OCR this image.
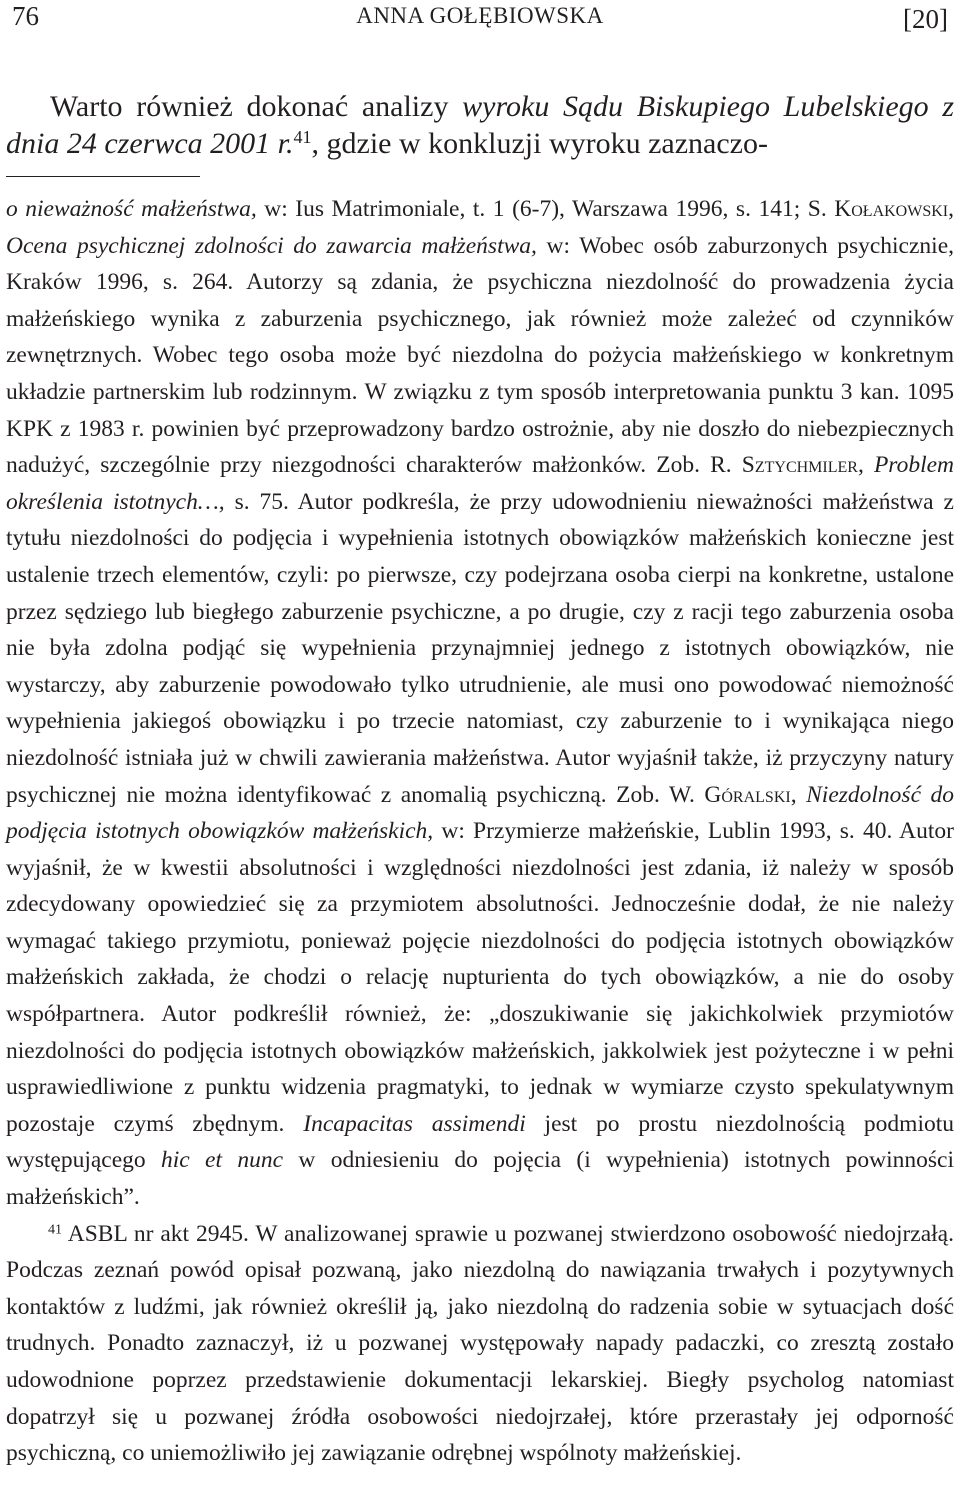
76	ANNA GOŁĘBIOWSKA	[20]
Warto również dokonać analizy wyroku Sądu Biskupiego Lubelskiego z dnia 24 czerwca 2001 r.$^{41}$, gdzie w konkluzji wyroku zaznaczo-

o nieważność małżeństwa, w: Ius Matrimoniale, t. 1 (6-7), Warszawa 1996, s. 141; S. Kołakowski, Ocena psychicznej zdolności do zawarcia małżeństwa, w: Wobec osób zaburzonych psychicznie, Kraków 1996, s. 264. Autorzy są zdania, że psychiczna niezdolność do prowadzenia życia małżeńskiego wynika z zaburzenia psychicznego, jak również może zależeć od czynników zewnętrznych. Wobec tego osoba może być niezdolna do pożycia małżeńskiego w konkretnym układzie partnerskim lub rodzinnym. W związku z tym sposób interpretowania punktu 3 kan. 1095 KPK z 1983 r. powinien być przeprowadzony bardzo ostrożnie, aby nie doszło do niebezpiecznych nadużyć, szczególnie przy niezgodności charakterów małżonków. Zob. R. Sztychmiler, Problem określenia istotnych…, s. 75. Autor podkreśla, że przy udowodnieniu nieważności małżeństwa z tytułu niezdolności do podjęcia i wypełnienia istotnych obowiązków małżeńskich konieczne jest ustalenie trzech elementów, czyli: po pierwsze, czy podejrzana osoba cierpi na konkretne, ustalone przez sędziego lub biegłego zaburzenie psychiczne, a po drugie, czy z racji tego zaburzenia osoba nie była zdolna podjąć się wypełnienia przynajmniej jednego z istotnych obowiązków, nie wystarczy, aby zaburzenie powodowało tylko utrudnienie, ale musi ono powodować niemożność wypełnienia jakiegoś obowiązku i po trzecie natomiast, czy zaburzenie to i wynikająca niego niezdolność istniała już w chwili zawierania małżeństwa. Autor wyjaśnił także, iż przyczyny natury psychicznej nie można identyfikować z anomalią psychiczną. Zob. W. Góralski, Niezdolność do podjęcia istotnych obowiązków małżeńskich, w: Przymierze małżeńskie, Lublin 1993, s. 40. Autor wyjaśnił, że w kwestii absolutności i względności niezdolności jest zdania, iż należy w sposób zdecydowany opowiedzieć się za przymiotem absolutności. Jednocześnie dodał, że nie należy wymagać takiego przymiotu, ponieważ pojęcie niezdolności do podjęcia istotnych obowiązków małżeńskich zakłada, że chodzi o relację nupturienta do tych obowiązków, a nie do osoby współpartnera. Autor podkreślił również, że: „doszukiwanie się jakichkolwiek przymiotów niezdolności do podjęcia istotnych obowiązków małżeńskich, jakkolwiek jest pożyteczne i w pełni usprawiedliwione z punktu widzenia pragmatyki, to jednak w wymiarze czysto spekulatywnym pozostaje czymś zbędnym. Incapacitas assimendi jest po prostu niezdolnością podmiotu występującego hic et nunc w odniesieniu do pojęcia (i wypełnienia) istotnych powinności małżeńskich”.

$^{41}$ ASBL nr akt 2945. W analizowanej sprawie u pozwanej stwierdzono osobowość niedojrzałą. Podczas zeznań powód opisał pozwaną, jako niezdolną do nawiązania trwałych i pozytywnych kontaktów z ludźmi, jak również określił ją, jako niezdolną do radzenia sobie w sytuacjach dość trudnych. Ponadto zaznaczył, iż u pozwanej występowały napady padaczki, co zresztą zostało udowodnione poprzez przedstawienie dokumentacji lekarskiej. Biegły psycholog natomiast dopatrzył się u pozwanej źródła osobowości niedojrzałej, które przerastały jej odporność psychiczną, co uniemożliwiło jej zawiązanie odrębnej wspólnoty małżeńskiej.
